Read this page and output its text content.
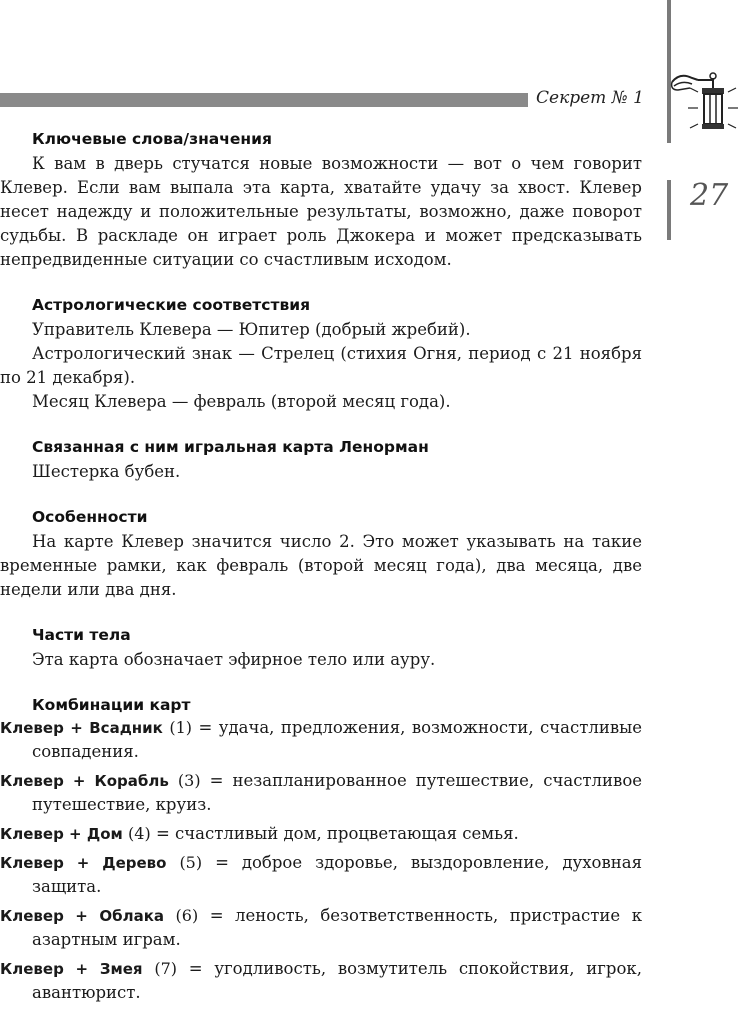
Секрет № 1
27
Ключевые слова/значения

К вам в дверь стучатся новые возможности — вот о чем говорит Клевер. Если вам выпала эта карта, хватайте удачу за хвост. Клевер несет надежду и положительные результаты, возможно, даже поворот судьбы. В раскладе он играет роль Джокера и может предсказывать непредвиденные ситуации со счастливым исходом.

Астрологические соответствия

Управитель Клевера — Юпитер (добрый жребий).

Астрологический знак — Стрелец (стихия Огня, период с 21 ноября по 21 декабря).

Месяц Клевера — февраль (второй месяц года).

Связанная с ним игральная карта Ленорман

Шестерка бубен.

Особенности

На карте Клевер значится число 2. Это может указывать на такие временные рамки, как февраль (второй месяц года), два месяца, две недели или два дня.

Части тела

Эта карта обозначает эфирное тело или ауру.

Комбинации карт

Клевер + Всадник (1) = удача, предложения, возможности, счастливые совпадения.

Клевер + Корабль (3) = незапланированное путешествие, счастливое путешествие, круиз.

Клевер + Дом (4) = счастливый дом, процветающая семья.

Клевер + Дерево (5) = доброе здоровье, выздоровление, духовная защита.

Клевер + Облака (6) = леность, безответственность, пристрастие к азартным играм.

Клевер + Змея (7) = угодливость, возмутитель спокойствия, игрок, авантюрист.
